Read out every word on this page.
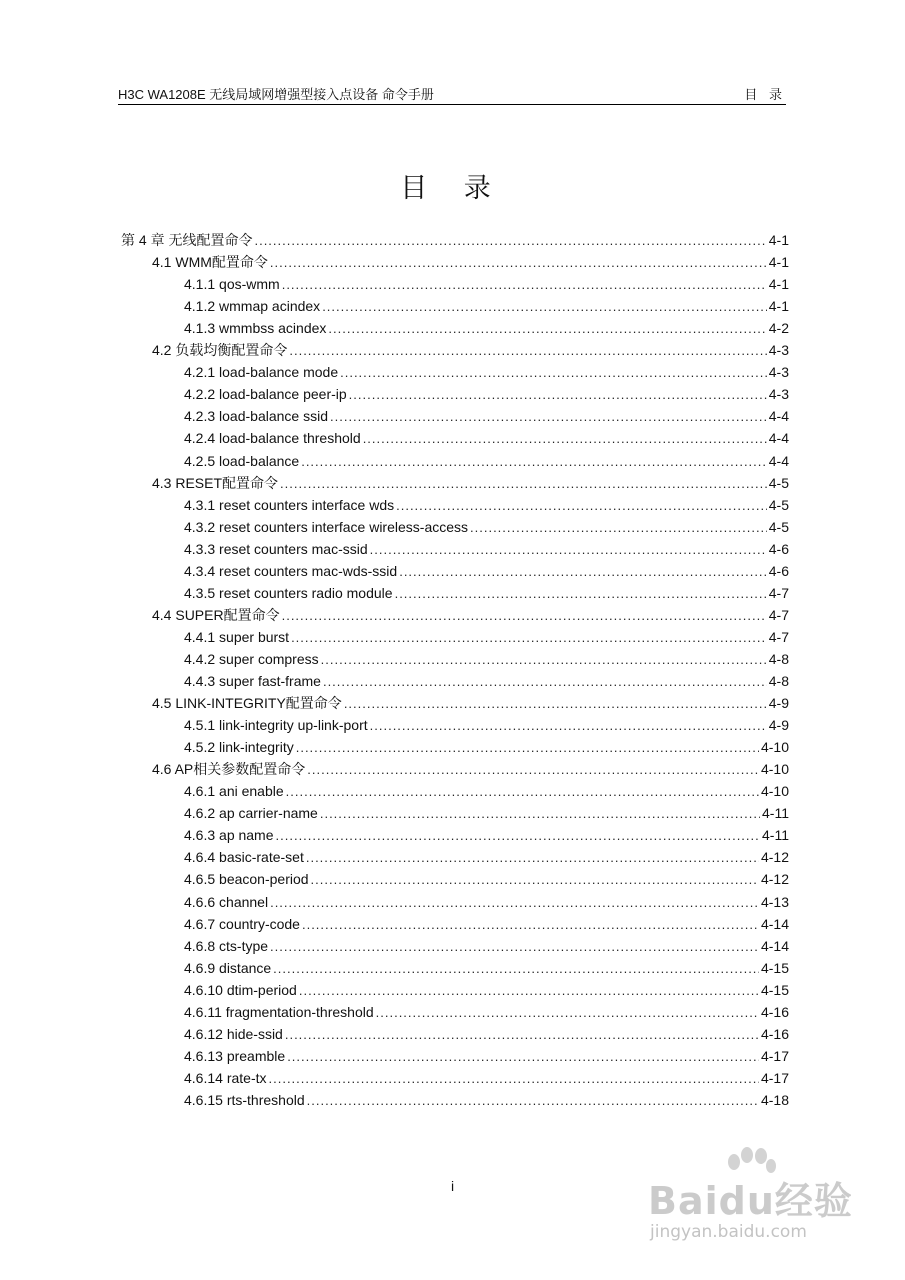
H3C WA1208E 无线局域网增强型接入点设备 命令手册	目 录
目 录
第 4 章 无线配置命令 .....	4-1
4.1 WMM配置命令 .....	4-1
4.1.1 qos-wmm .....	4-1
4.1.2 wmmap acindex .....	4-1
4.1.3 wmmbss acindex .....	4-2
4.2 负载均衡配置命令 .....	4-3
4.2.1 load-balance mode .....	4-3
4.2.2 load-balance peer-ip .....	4-3
4.2.3 load-balance ssid .....	4-4
4.2.4 load-balance threshold .....	4-4
4.2.5 load-balance .....	4-4
4.3 RESET配置命令 .....	4-5
4.3.1 reset counters interface wds .....	4-5
4.3.2 reset counters interface wireless-access .....	4-5
4.3.3 reset counters mac-ssid .....	4-6
4.3.4 reset counters mac-wds-ssid .....	4-6
4.3.5 reset counters radio module .....	4-7
4.4 SUPER配置命令 .....	4-7
4.4.1 super burst .....	4-7
4.4.2 super compress .....	4-8
4.4.3 super fast-frame .....	4-8
4.5 LINK-INTEGRITY配置命令 .....	4-9
4.5.1 link-integrity up-link-port .....	4-9
4.5.2 link-integrity .....	4-10
4.6 AP相关参数配置命令 .....	4-10
4.6.1 ani enable .....	4-10
4.6.2 ap carrier-name .....	4-11
4.6.3 ap name .....	4-11
4.6.4 basic-rate-set .....	4-12
4.6.5 beacon-period .....	4-12
4.6.6 channel .....	4-13
4.6.7 country-code .....	4-14
4.6.8 cts-type .....	4-14
4.6.9 distance .....	4-15
4.6.10 dtim-period .....	4-15
4.6.11 fragmentation-threshold .....	4-16
4.6.12 hide-ssid .....	4-16
4.6.13 preamble .....	4-17
4.6.14 rate-tx .....	4-17
4.6.15 rts-threshold .....	4-18
i	Baidu经验
jingyan.baidu.com
